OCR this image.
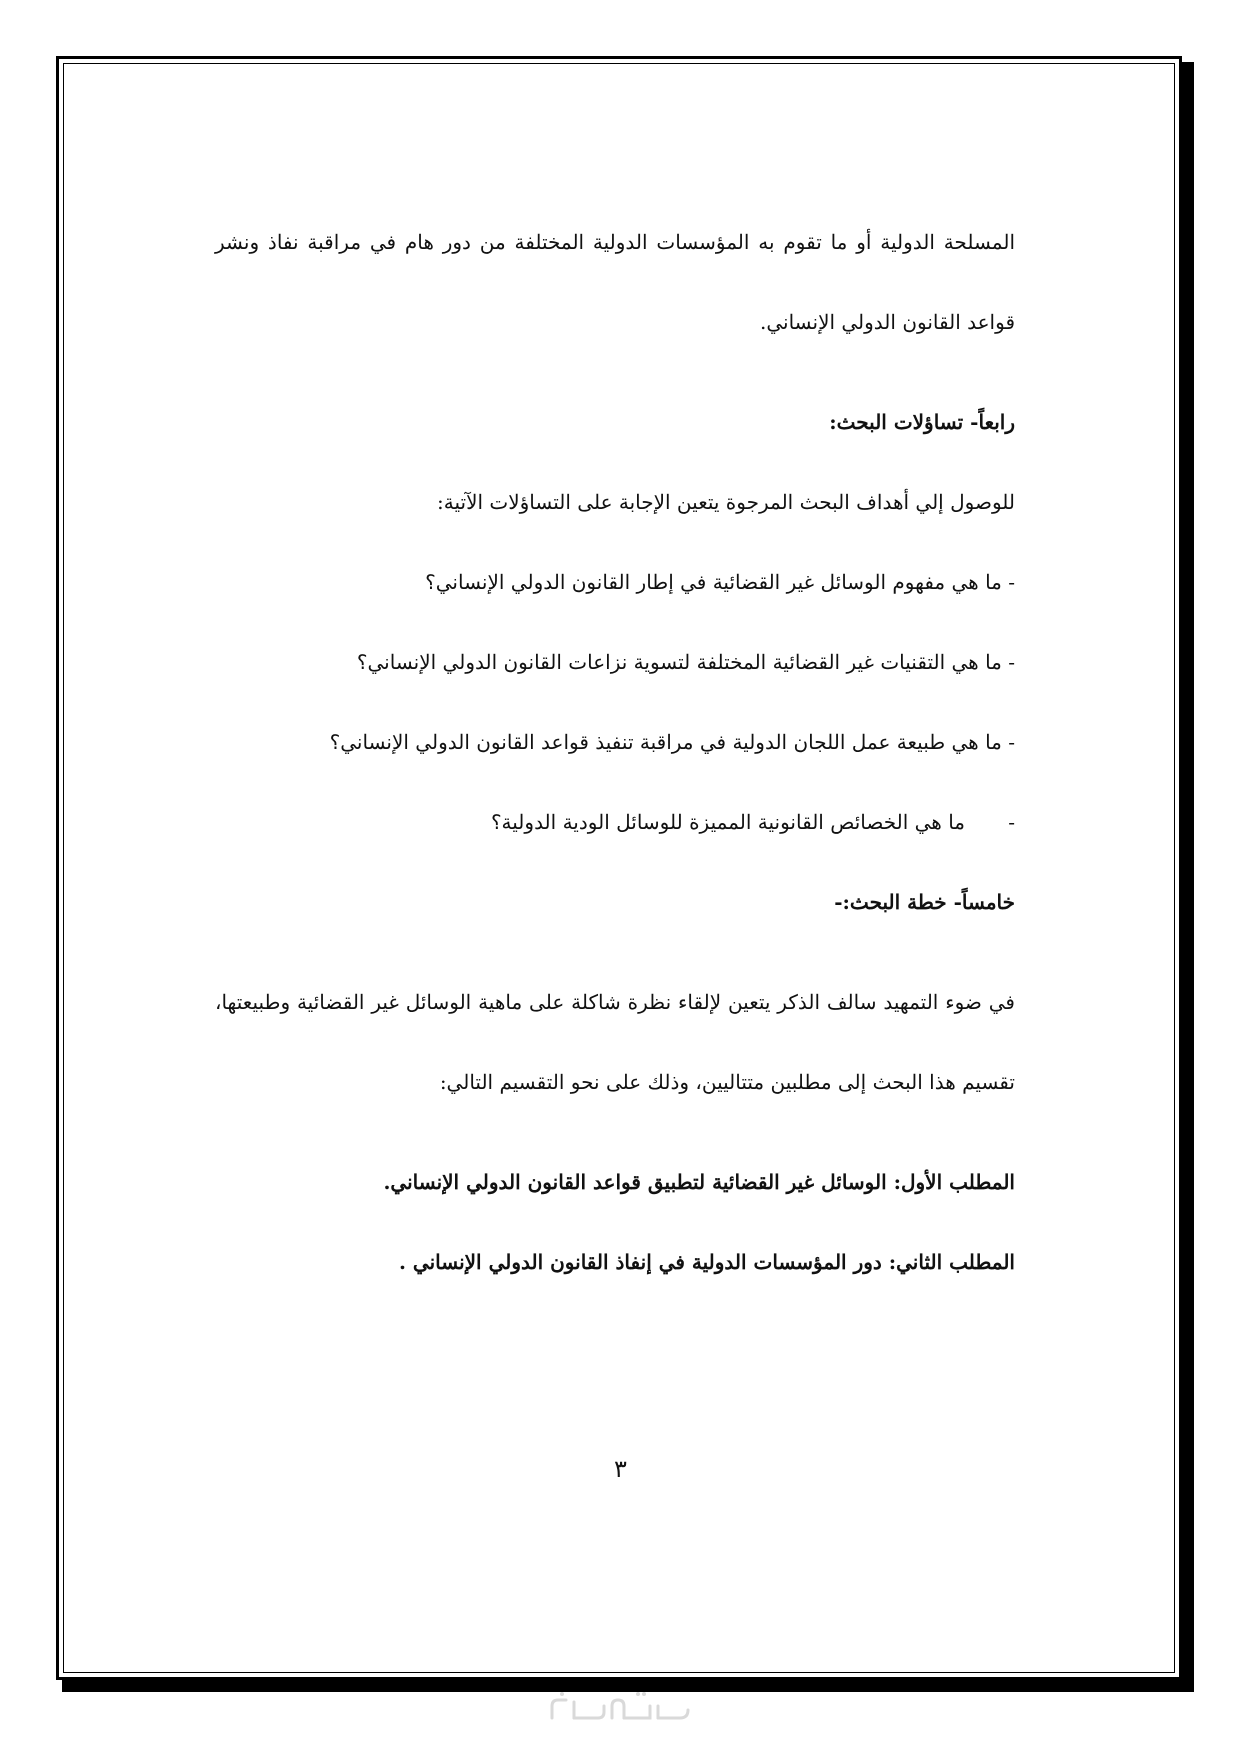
المسلحة الدولية أو ما تقوم به المؤسسات الدولية المختلفة من دور هام في مراقبة نفاذ ونشر قواعد القانون الدولي الإنساني.

رابعاً- تساؤلات البحث:

للوصول إلي أهداف البحث المرجوة يتعين الإجابة على التساؤلات الآتية:

- ما هي مفهوم الوسائل غير القضائية في إطار القانون الدولي الإنساني؟

- ما هي التقنيات غير القضائية المختلفة لتسوية نزاعات القانون الدولي الإنساني؟

- ما هي طبيعة عمل اللجان الدولية في مراقبة تنفيذ قواعد القانون الدولي الإنساني؟

-ما هي الخصائص القانونية المميزة للوسائل الودية الدولية؟

خامساً- خطة البحث:-

في ضوء التمهيد سالف الذكر يتعين لإلقاء نظرة شاكلة على ماهية الوسائل غير القضائية وطبيعتها، تقسيم هذا البحث إلى مطلبين متتاليين، وذلك على نحو التقسيم التالي:

المطلب الأول: الوسائل غير القضائية لتطبيق قواعد القانون الدولي الإنساني.

المطلب الثاني: دور المؤسسات الدولية في إنفاذ القانون الدولي الإنساني .

٣
